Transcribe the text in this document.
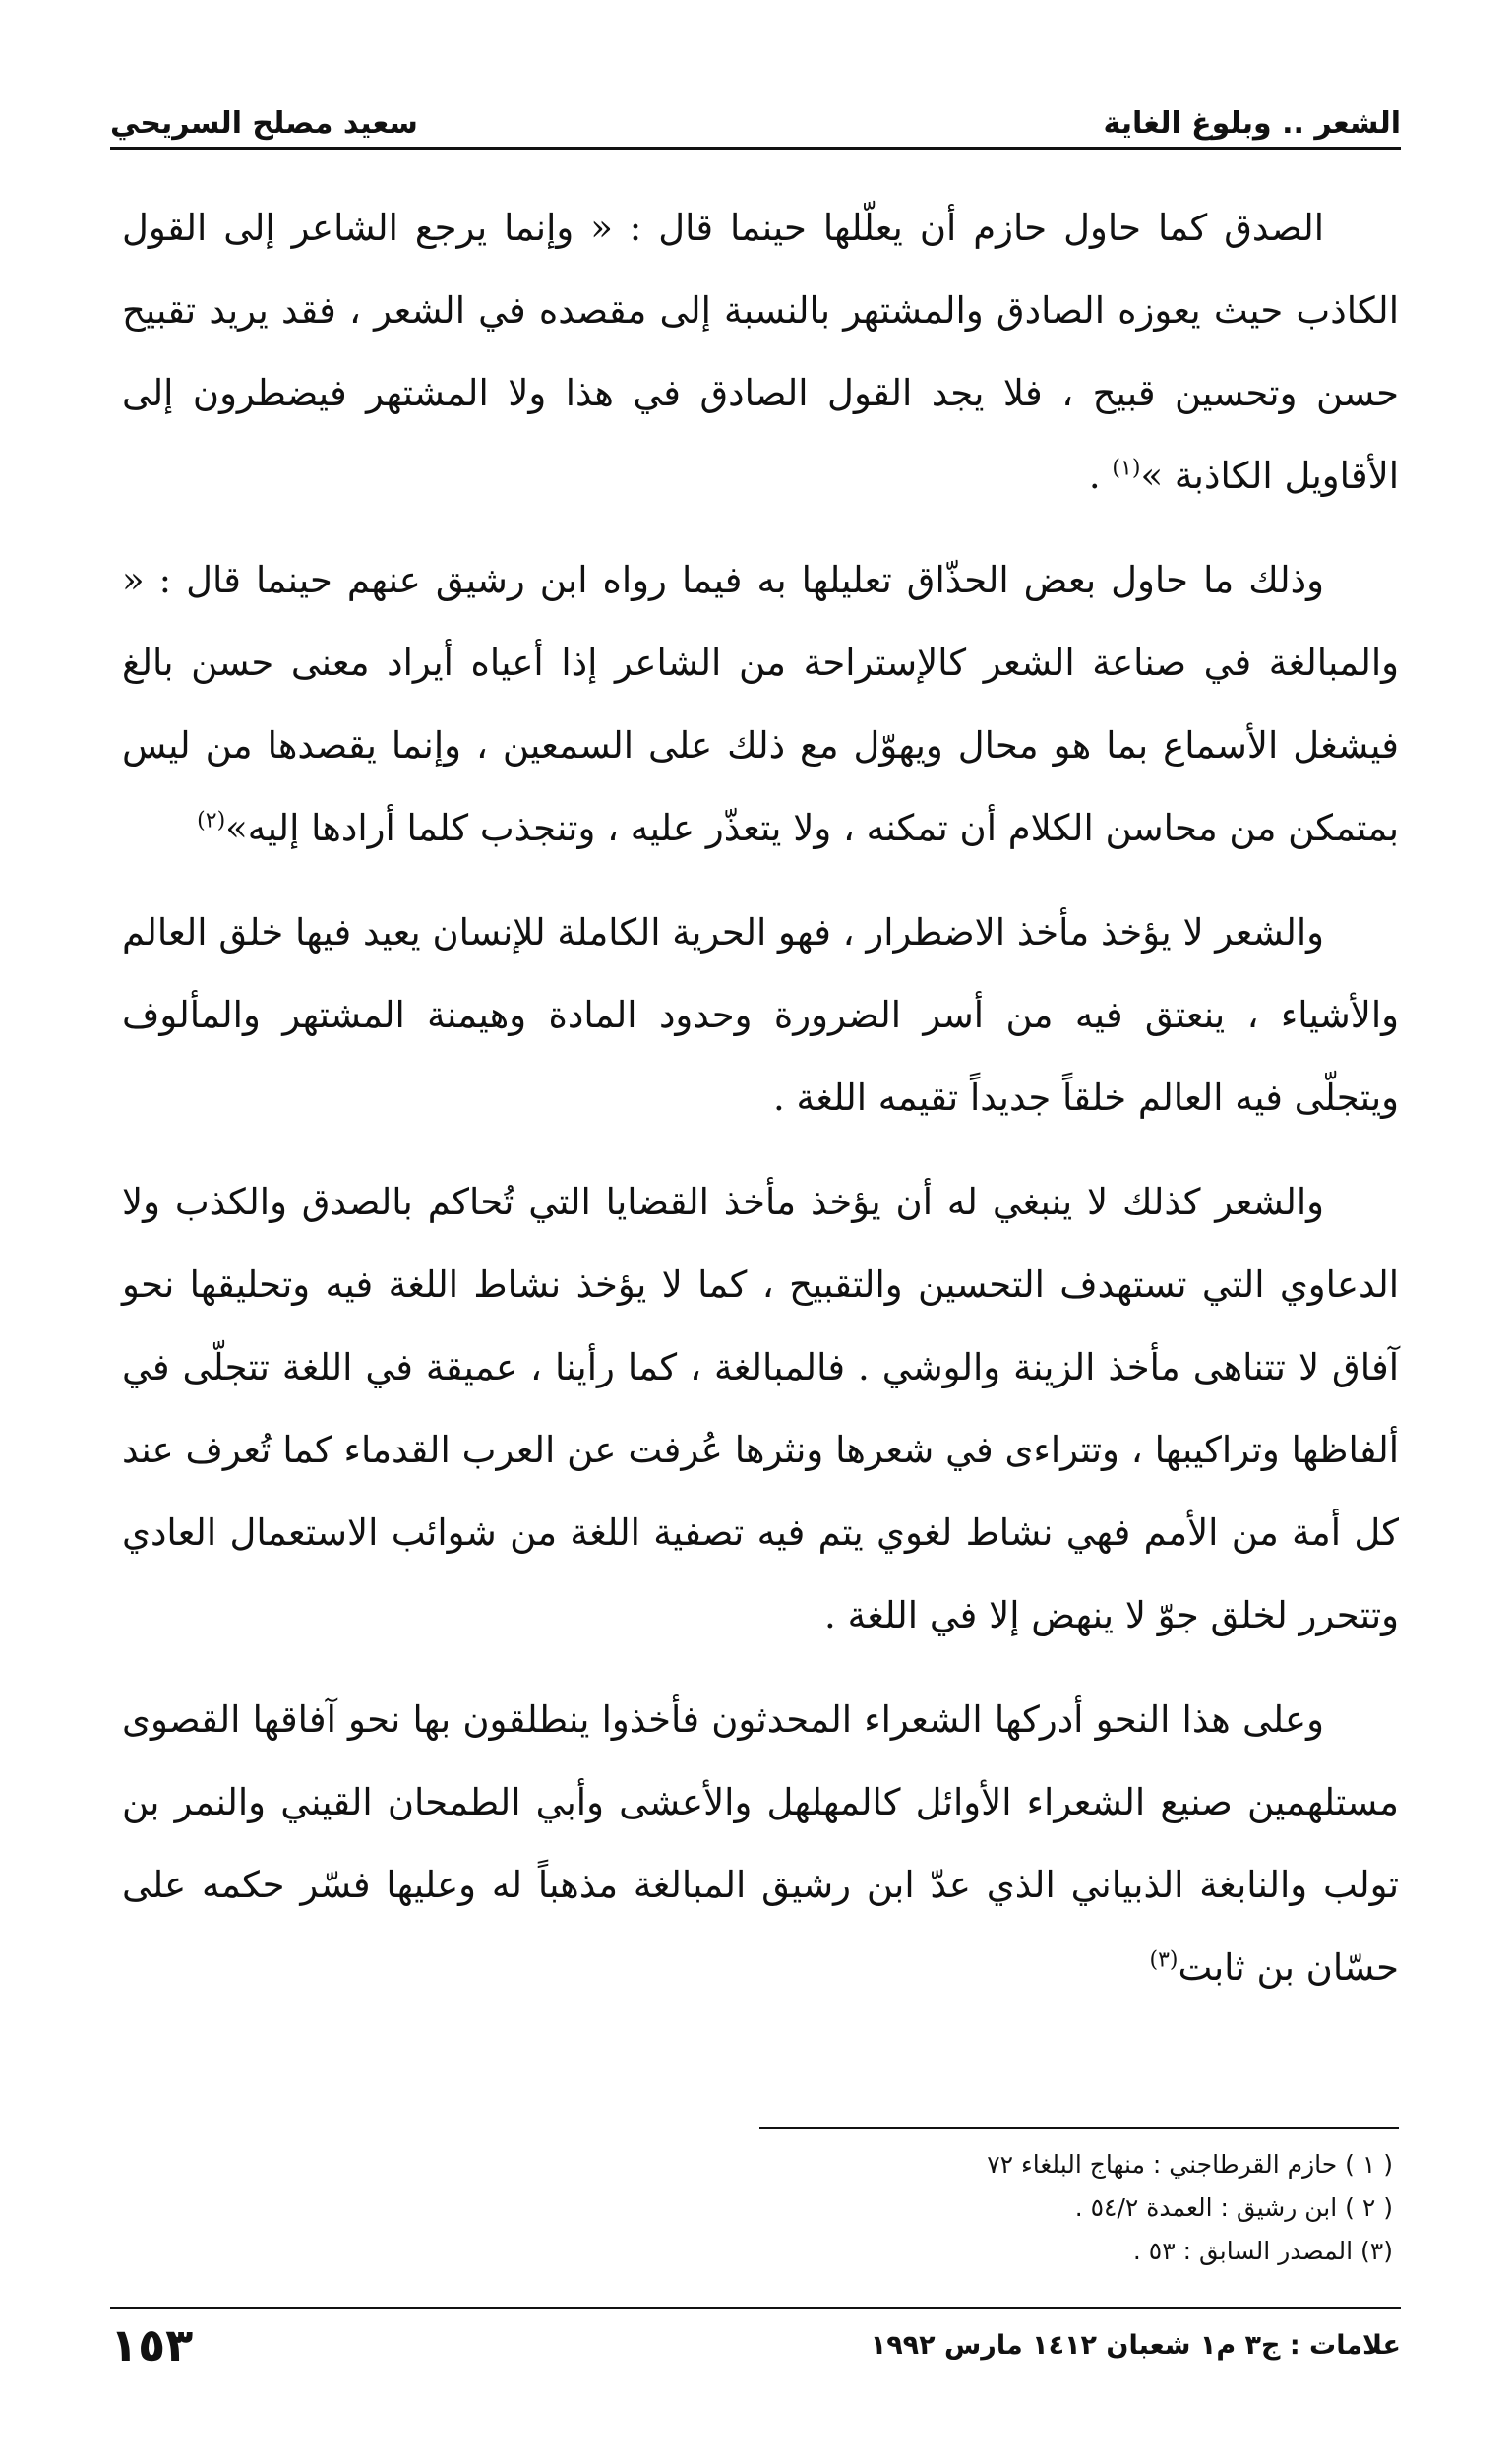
الشعر .. وبلوغ الغاية
سعيد مصلح السريحي

الصدق كما حاول حازم أن يعلّلها حينما قال : « وإنما يرجع الشاعر إلى القول الكاذب حيث يعوزه الصادق والمشتهر بالنسبة إلى مقصده في الشعر ، فقد يريد تقبيح حسن وتحسين قبيح ، فلا يجد القول الصادق في هذا ولا المشتهر فيضطرون إلى الأقاويل الكاذبة »$^{(١)}$ .

وذلك ما حاول بعض الحذّاق تعليلها به فيما رواه ابن رشيق عنهم حينما قال : « والمبالغة في صناعة الشعر كالإستراحة من الشاعر إذا أعياه أيراد معنى حسن بالغ فيشغل الأسماع بما هو محال ويهوّل مع ذلك على السمعين ، وإنما يقصدها من ليس بمتمكن من محاسن الكلام أن تمكنه ، ولا يتعذّر عليه ، وتنجذب كلما أرادها إليه»$^{(٢)}$

والشعر لا يؤخذ مأخذ الاضطرار ، فهو الحرية الكاملة للإنسان يعيد فيها خلق العالم والأشياء ، ينعتق فيه من أسر الضرورة وحدود المادة وهيمنة المشتهر والمألوف ويتجلّى فيه العالم خلقاً جديداً تقيمه اللغة .

والشعر كذلك لا ينبغي له أن يؤخذ مأخذ القضايا التي تُحاكم بالصدق والكذب ولا الدعاوي التي تستهدف التحسين والتقبيح ، كما لا يؤخذ نشاط اللغة فيه وتحليقها نحو آفاق لا تتناهى مأخذ الزينة والوشي . فالمبالغة ، كما رأينا ، عميقة في اللغة تتجلّى في ألفاظها وتراكيبها ، وتتراءى في شعرها ونثرها عُرفت عن العرب القدماء كما تُعرف عند كل أمة من الأمم فهي نشاط لغوي يتم فيه تصفية اللغة من شوائب الاستعمال العادي وتتحرر لخلق جوّ لا ينهض إلا في اللغة .

وعلى هذا النحو أدركها الشعراء المحدثون فأخذوا ينطلقون بها نحو آفاقها القصوى مستلهمين صنيع الشعراء الأوائل كالمهلهل والأعشى وأبي الطمحان القيني والنمر بن تولب والنابغة الذبياني الذي عدّ ابن رشيق المبالغة مذهباً له وعليها فسّر حكمه على حسّان بن ثابت$^{(٣)}$

( ١ ) حازم القرطاجني : منهاج البلغاء ٧٢
( ٢ ) ابن رشيق : العمدة ٥٤/٢ .
(٣) المصدر السابق : ٥٣ .
علامات : ج٣ م١ شعبان ١٤١٢ مارس ١٩٩٢
١٥٣
